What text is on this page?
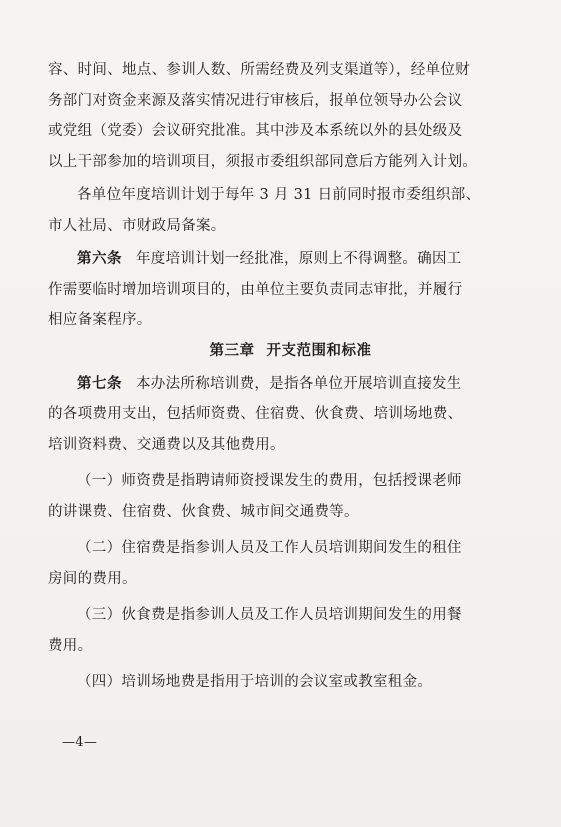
容、时间、地点、参训人数、所需经费及列支渠道等），经单位财
务部门对资金来源及落实情况进行审核后，报单位领导办公会议
或党组（党委）会议研究批准。其中涉及本系统以外的县处级及
以上干部参加的培训项目，须报市委组织部同意后方能列入计划。

各单位年度培训计划于每年 3 月 31 日前同时报市委组织部、
市人社局、市财政局备案。

第六条 年度培训计划一经批准，原则上不得调整。确因工
作需要临时增加培训项目的，由单位主要负责同志审批，并履行
相应备案程序。

第三章 开支范围和标准

第七条 本办法所称培训费，是指各单位开展培训直接发生
的各项费用支出，包括师资费、住宿费、伙食费、培训场地费、
培训资料费、交通费以及其他费用。

（一）师资费是指聘请师资授课发生的费用，包括授课老师
的讲课费、住宿费、伙食费、城市间交通费等。

（二）住宿费是指参训人员及工作人员培训期间发生的租住
房间的费用。

（三）伙食费是指参训人员及工作人员培训期间发生的用餐
费用。

（四）培训场地费是指用于培训的会议室或教室租金。

—4—
